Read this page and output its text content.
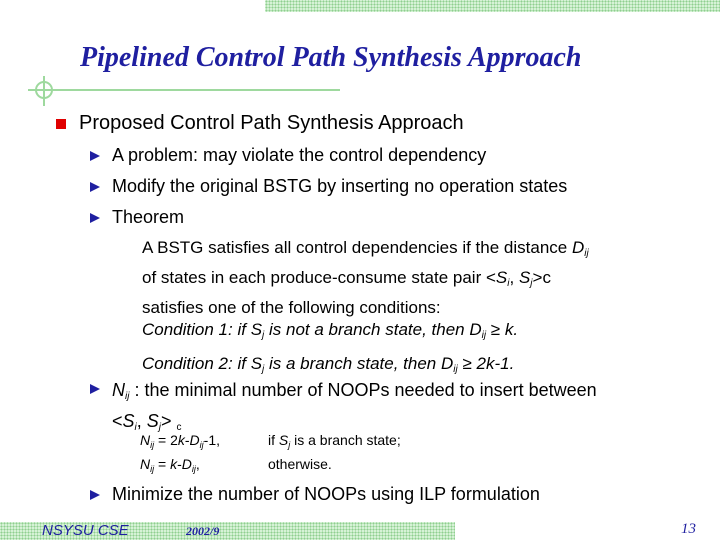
Pipelined Control Path Synthesis Approach
Proposed Control Path Synthesis Approach
A problem: may violate the control dependency
Modify the original BSTG by inserting no operation states
Theorem
A BSTG satisfies all control dependencies if the distance $D_{ij}$
of states in each produce-consume state pair $<S_i$, $S_j>c$
satisfies one of the following conditions:
Condition 1: if $S_j$ is not a branch state, then $D_{ij} \ge k$.
Condition 2: if $S_j$ is a branch state, then $D_{ij} \ge 2k-1$.
$N_{ij}$ : the minimal number of NOOPs needed to insert between
$<S_i$, $S_j> _c$
$N_{ij} = 2k-D_{ij}-1$,	if $S_j$ is a branch state;
$N_{ij} = k-D_{ij}$,	otherwise.
Minimize the number of NOOPs using ILP formulation
NSYSU CSE	2002/9	13
